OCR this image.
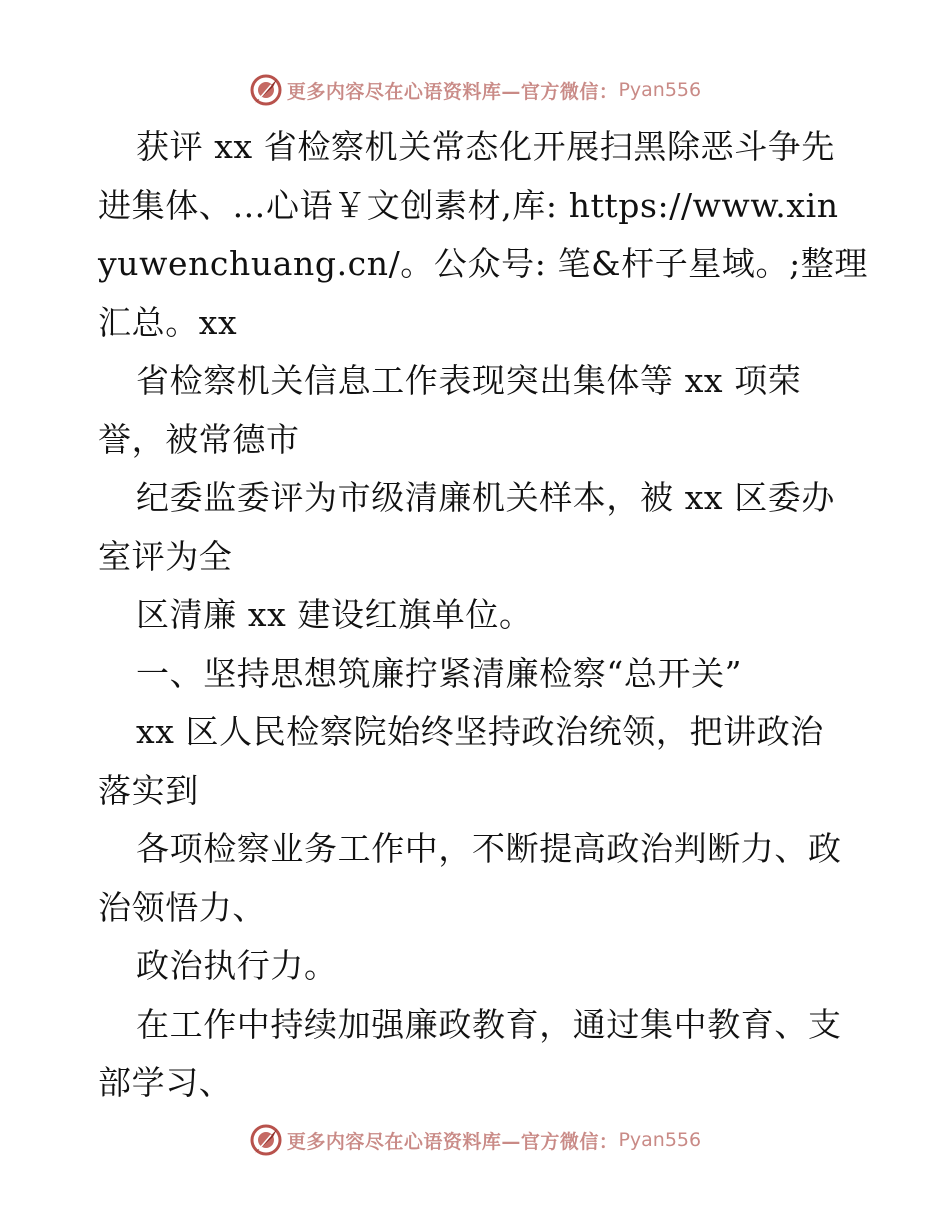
更多内容尽在心语资料库— 官方微信： Pyan556
获评 xx 省检察机关常态化开展扫黑除恶斗争先
进集体、…心语￥文创素材,库: https://www.xin
yuwenchuang.cn/。公众号: 笔&杆子星域。;整理
汇总。xx
省检察机关信息工作表现突出集体等 xx 项荣
誉，被常德市
纪委监委评为市级清廉机关样本，被 xx 区委办
室评为全
区清廉 xx 建设红旗单位。
一、坚持思想筑廉拧紧清廉检察“总开关”
xx 区人民检察院始终坚持政治统领，把讲政治
落实到
各项检察业务工作中，不断提高政治判断力、政
治领悟力、
政治执行力。
在工作中持续加强廉政教育，通过集中教育、支
部学习、
更多内容尽在心语资料库— 官方微信： Pyan556
